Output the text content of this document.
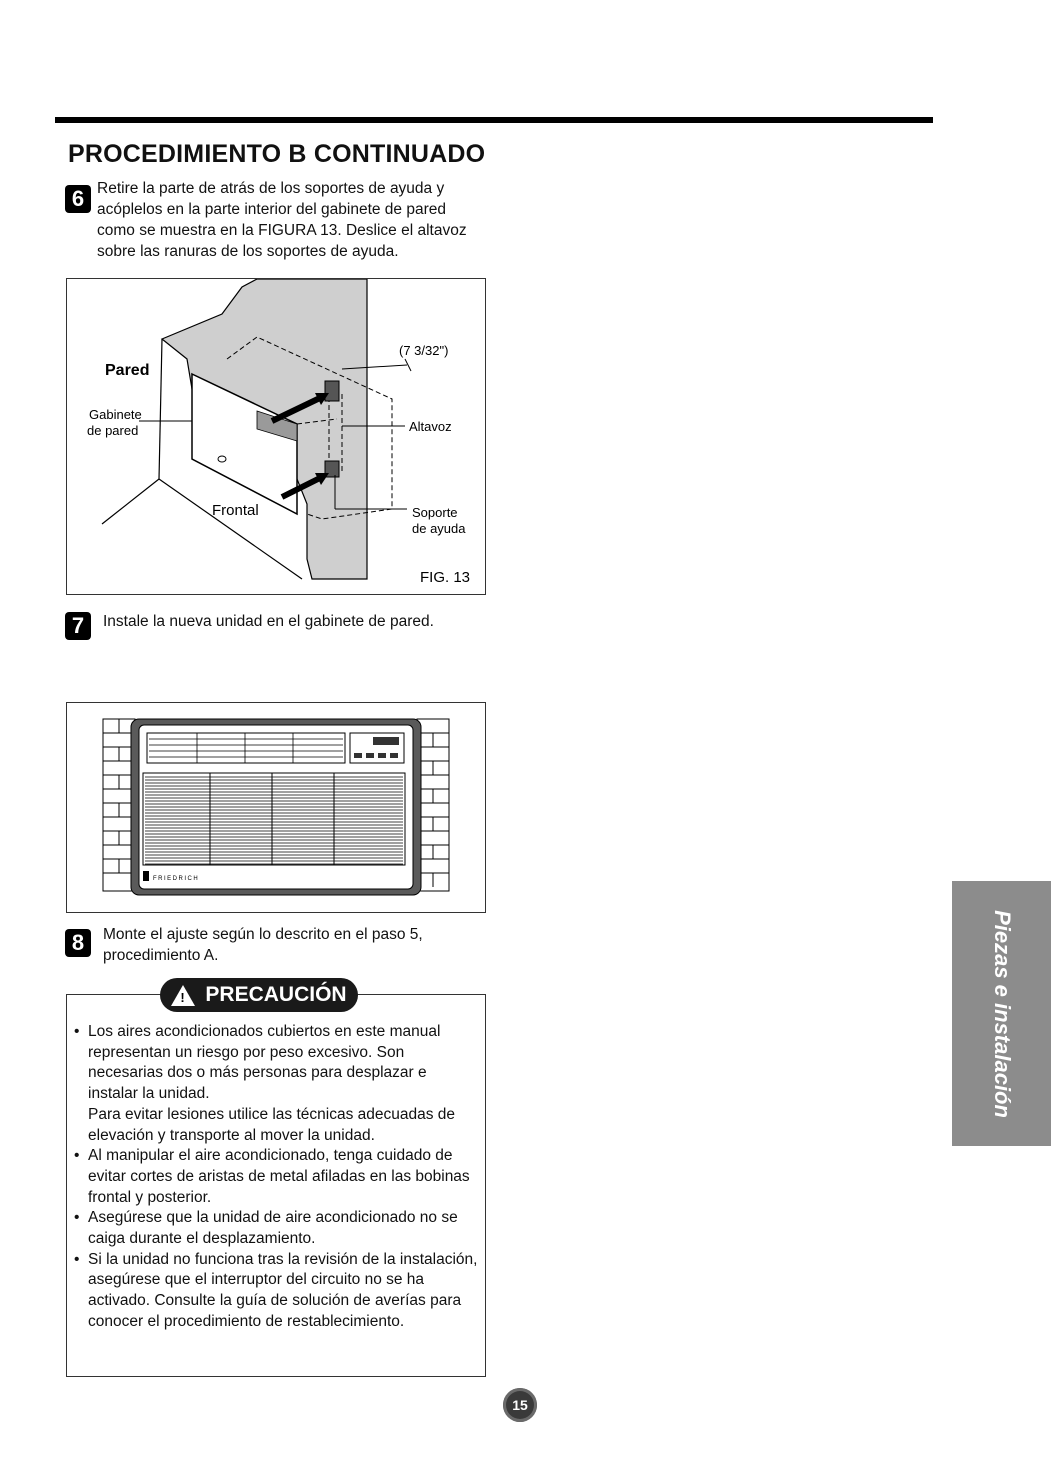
PROCEDIMIENTO B CONTINUADO
6 Retire la parte de atrás de los soportes de ayuda y acóplelos en la parte interior del gabinete de pared como se muestra en la FIGURA 13. Deslice el altavoz sobre las ranuras de los soportes de ayuda.
Pared
Gabinete
de pared	Altavoz
Frontal	Soporte
de ayuda
(7 3/32")
FIG. 13
7	Instale la nueva unidad en el gabinete de pared.
FRIEDRICH
8	Monte el ajuste según lo descrito en el paso 5, procedimiento A.
! PRECAUCIÓN
• Los aires acondicionados cubiertos en este manual representan un riesgo por peso excesivo. Son necesarias dos o más personas para desplazar e instalar la unidad.
Para evitar lesiones utilice las técnicas adecuadas de elevación y transporte al mover la unidad.
• Al manipular el aire acondicionado, tenga cuidado de evitar cortes de aristas de metal afiladas en las bobinas frontal y posterior.
• Asegúrese que la unidad de aire acondicionado no se caiga durante el desplazamiento.
• Si la unidad no funciona tras la revisión de la instalación, asegúrese que el interruptor del circuito no se ha activado. Consulte la guía de solución de averías para conocer el procedimiento de restablecimiento.
Piezas e instalación
15
